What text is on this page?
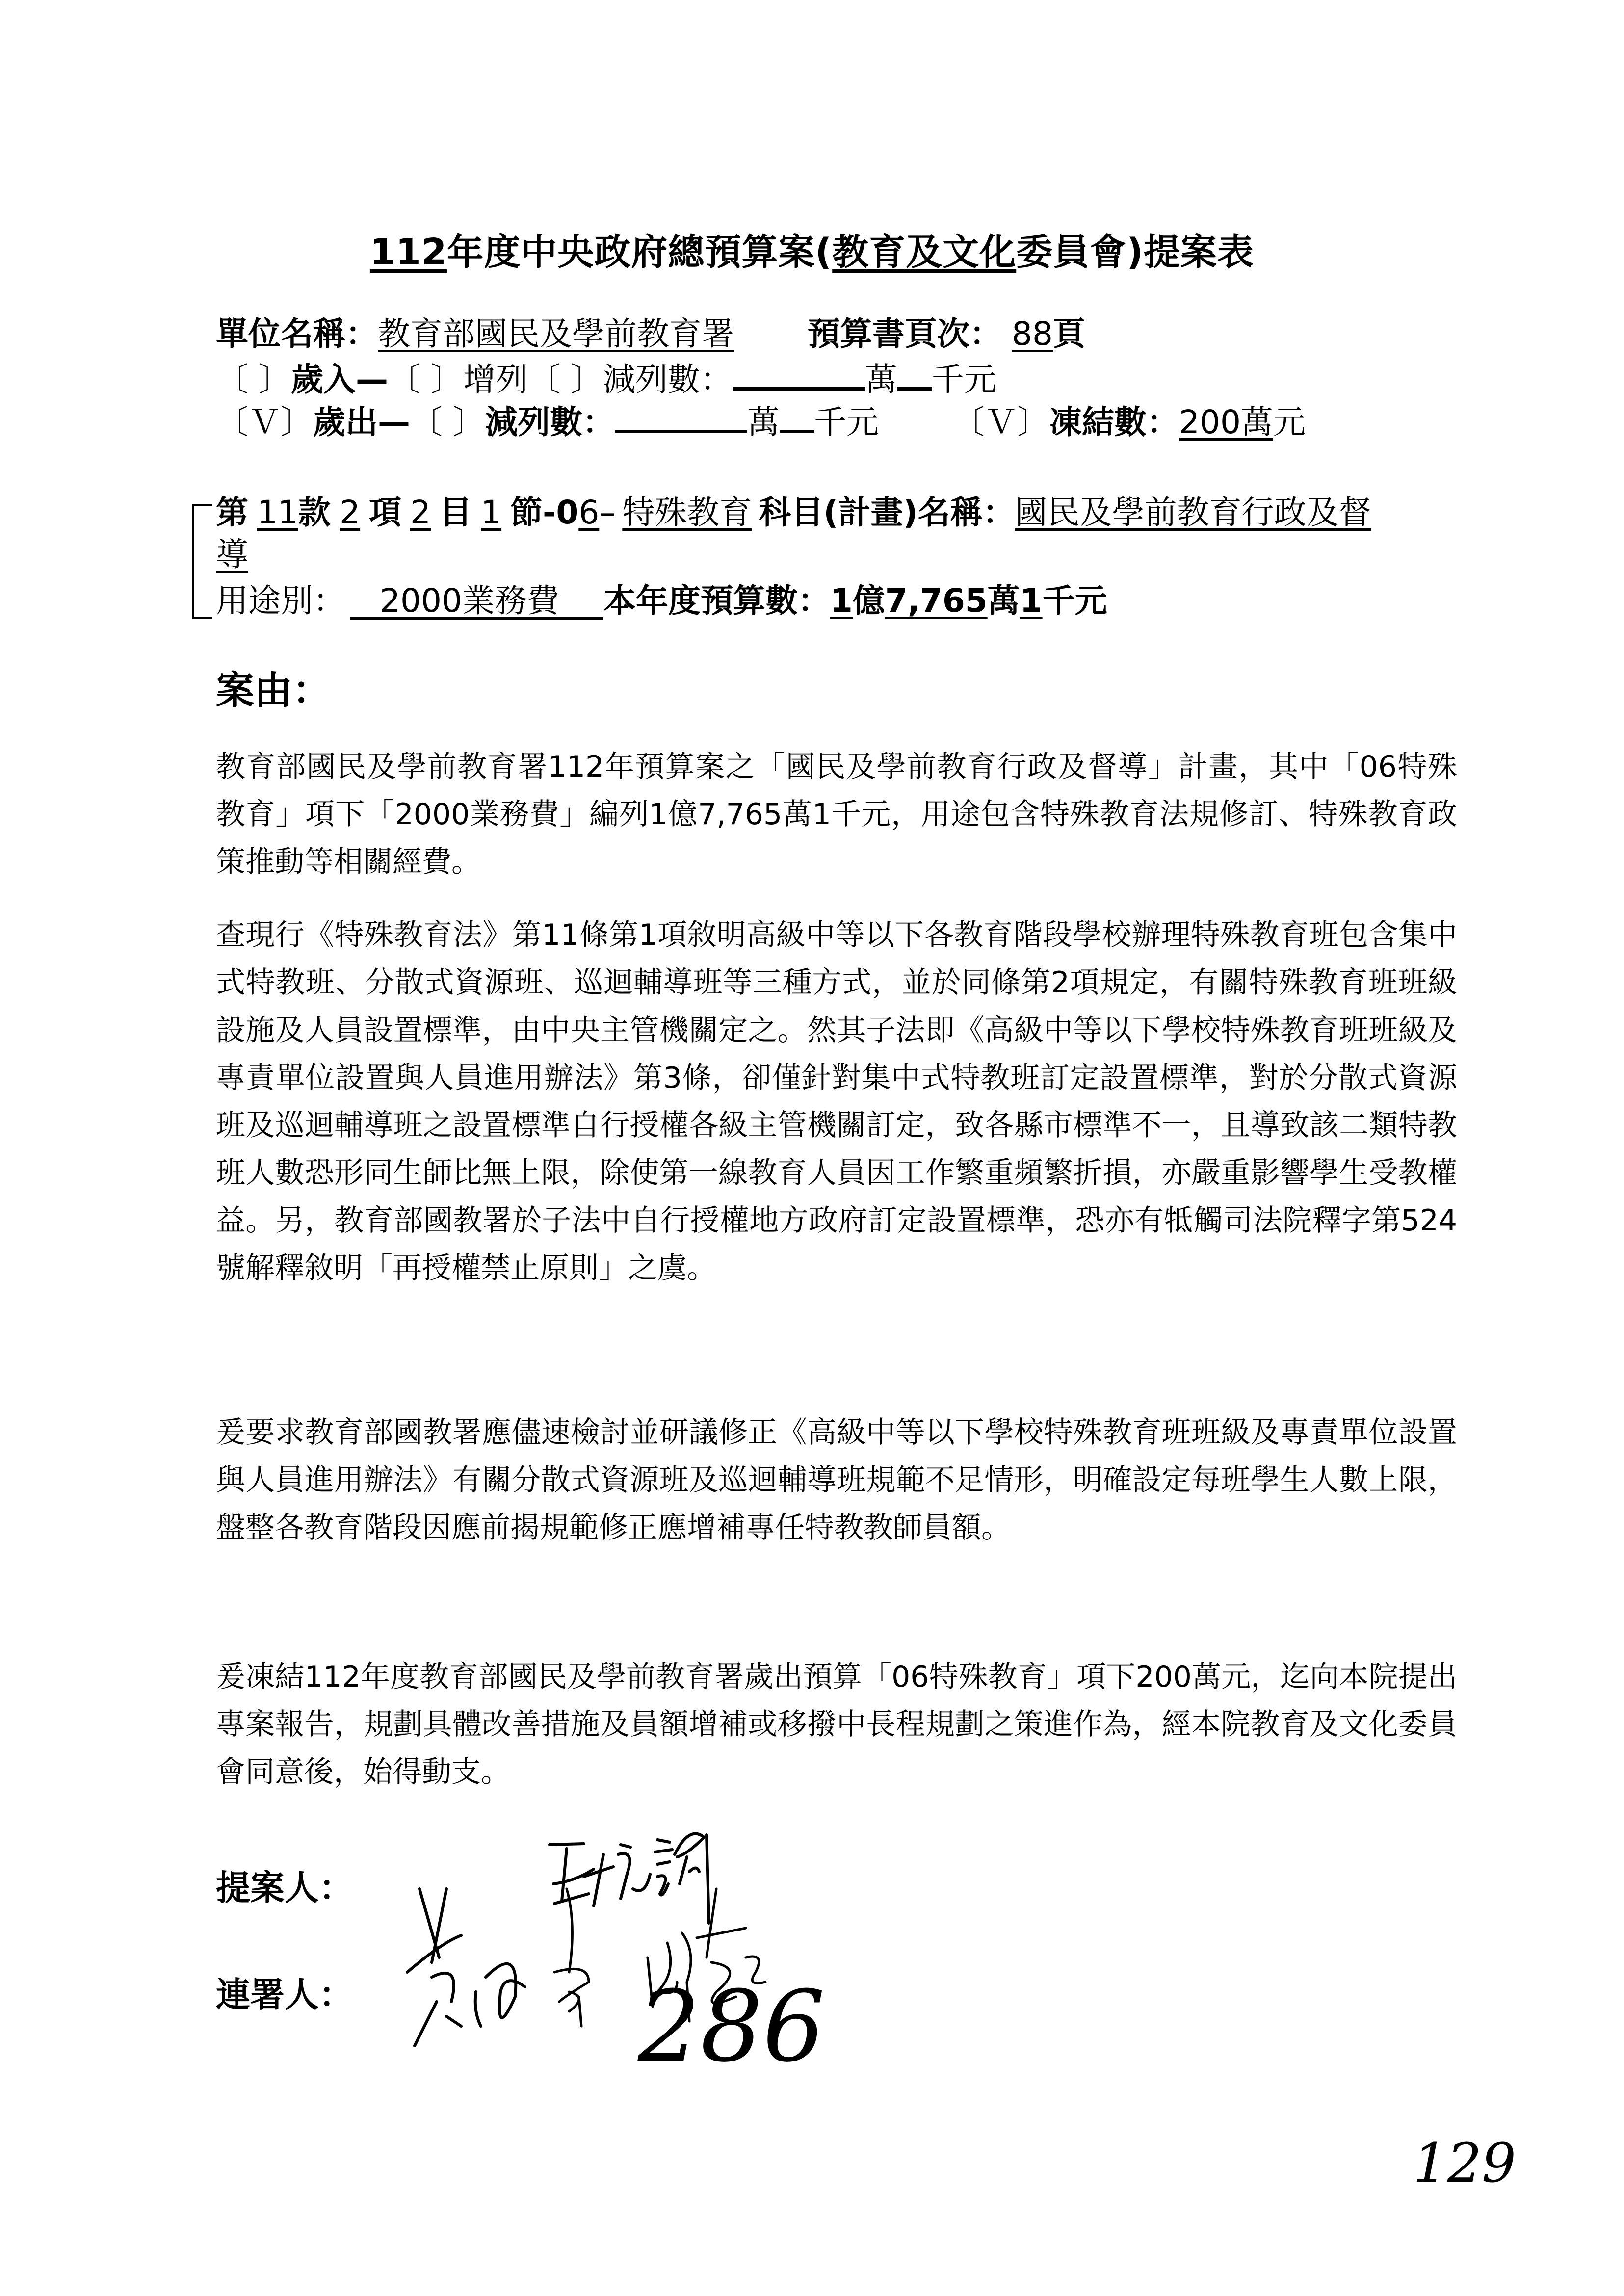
112年度中央政府總預算案(教育及文化委員會)提案表
單位名稱：教育部國民及學前教育署 預算書頁次： 88頁
〔 〕歲入—〔 〕增列〔 〕減列數：	萬 千元
〔Ｖ〕歲出—〔 〕減列數：	萬 千元 〔Ｖ〕凍結數：200萬元
第 11款 2 項 2 目 1 節-06– 特殊教育 科目(計畫)名稱：國民及學前教育行政及督
導
用途別： 2000業務費 本年度預算數：1億7,765萬1千元
案由：
教育部國民及學前教育署112年預算案之「國民及學前教育行政及督導」計畫，其中「06特殊教育」項下「2000業務費」編列1億7,765萬1千元，用途包含特殊教育法規修訂、特殊教育政策推動等相關經費。
查現行《特殊教育法》第11條第1項敘明高級中等以下各教育階段學校辦理特殊教育班包含集中式特教班、分散式資源班、巡迴輔導班等三種方式，並於同條第2項規定，有關特殊教育班班級設施及人員設置標準，由中央主管機關定之。然其子法即《高級中等以下學校特殊教育班班級及專責單位設置與人員進用辦法》第3條，卻僅針對集中式特教班訂定設置標準，對於分散式資源班及巡迴輔導班之設置標準自行授權各級主管機關訂定，致各縣市標準不一，且導致該二類特教班人數恐形同生師比無上限，除使第一線教育人員因工作繁重頻繁折損，亦嚴重影響學生受教權益。另，教育部國教署於子法中自行授權地方政府訂定設置標準，恐亦有牴觸司法院釋字第524號解釋敘明「再授權禁止原則」之虞。
爰要求教育部國教署應儘速檢討並研議修正《高級中等以下學校特殊教育班班級及專責單位設置與人員進用辦法》有關分散式資源班及巡迴輔導班規範不足情形，明確設定每班學生人數上限，盤整各教育階段因應前揭規範修正應增補專任特教教師員額。
爰凍結112年度教育部國民及學前教育署歲出預算「06特殊教育」項下200萬元，迄向本院提出專案報告，規劃具體改善措施及員額增補或移撥中長程規劃之策進作為，經本院教育及文化委員會同意後，始得動支。
提案人：
連署人：	286
129
